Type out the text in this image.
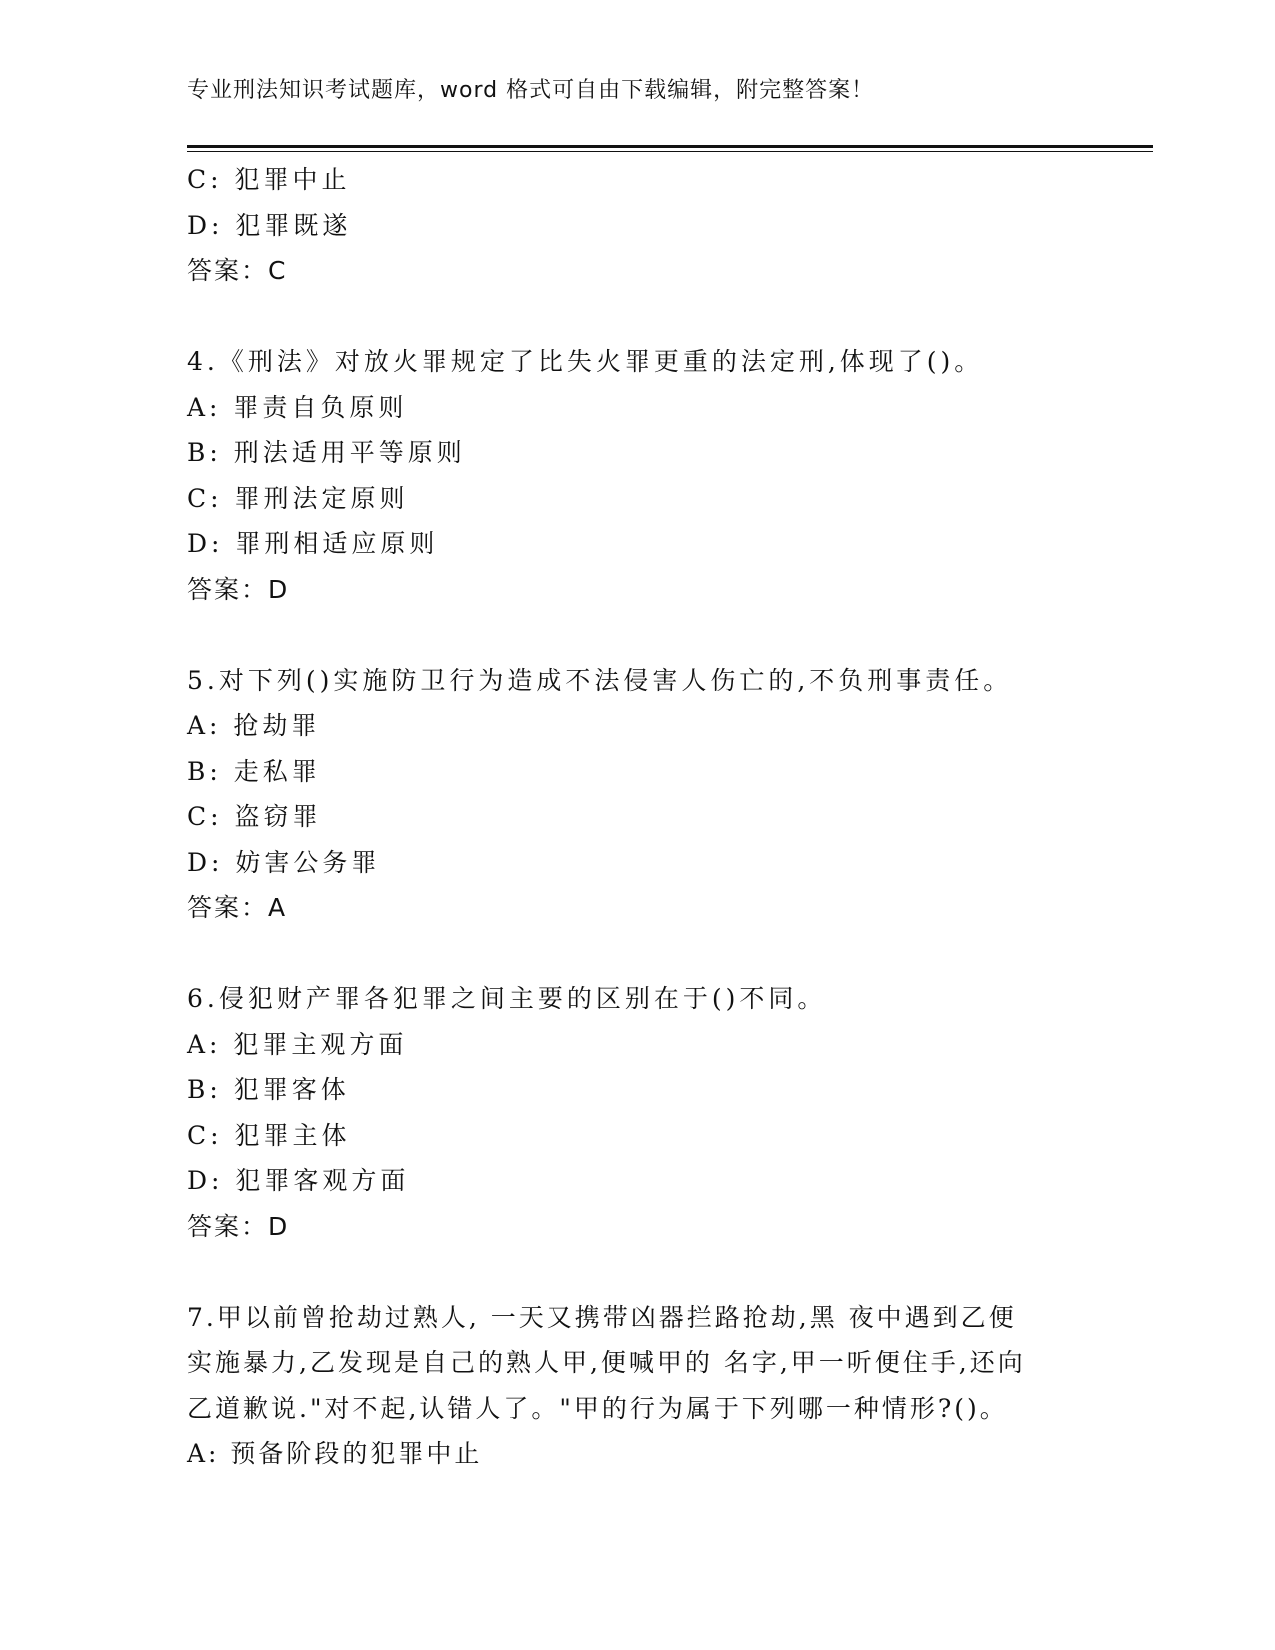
专业刑法知识考试题库，word 格式可自由下载编辑，附完整答案！
C: 犯罪中止
D: 犯罪既遂
答案：C
4.《刑法》对放火罪规定了比失火罪更重的法定刑,体现了()。
A: 罪责自负原则
B: 刑法适用平等原则
C: 罪刑法定原则
D: 罪刑相适应原则
答案：D
5.对下列()实施防卫行为造成不法侵害人伤亡的,不负刑事责任。
A: 抢劫罪
B: 走私罪
C: 盗窃罪
D: 妨害公务罪
答案：A
6.侵犯财产罪各犯罪之间主要的区别在于()不同。
A: 犯罪主观方面
B: 犯罪客体
C: 犯罪主体
D: 犯罪客观方面
答案：D
7.甲以前曾抢劫过熟人, 一天又携带凶器拦路抢劫,黑 夜中遇到乙便
实施暴力,乙发现是自己的熟人甲,便喊甲的 名字,甲一听便住手,还向
乙道歉说."对不起,认错人了。"甲的行为属于下列哪一种情形?()。
A: 预备阶段的犯罪中止
